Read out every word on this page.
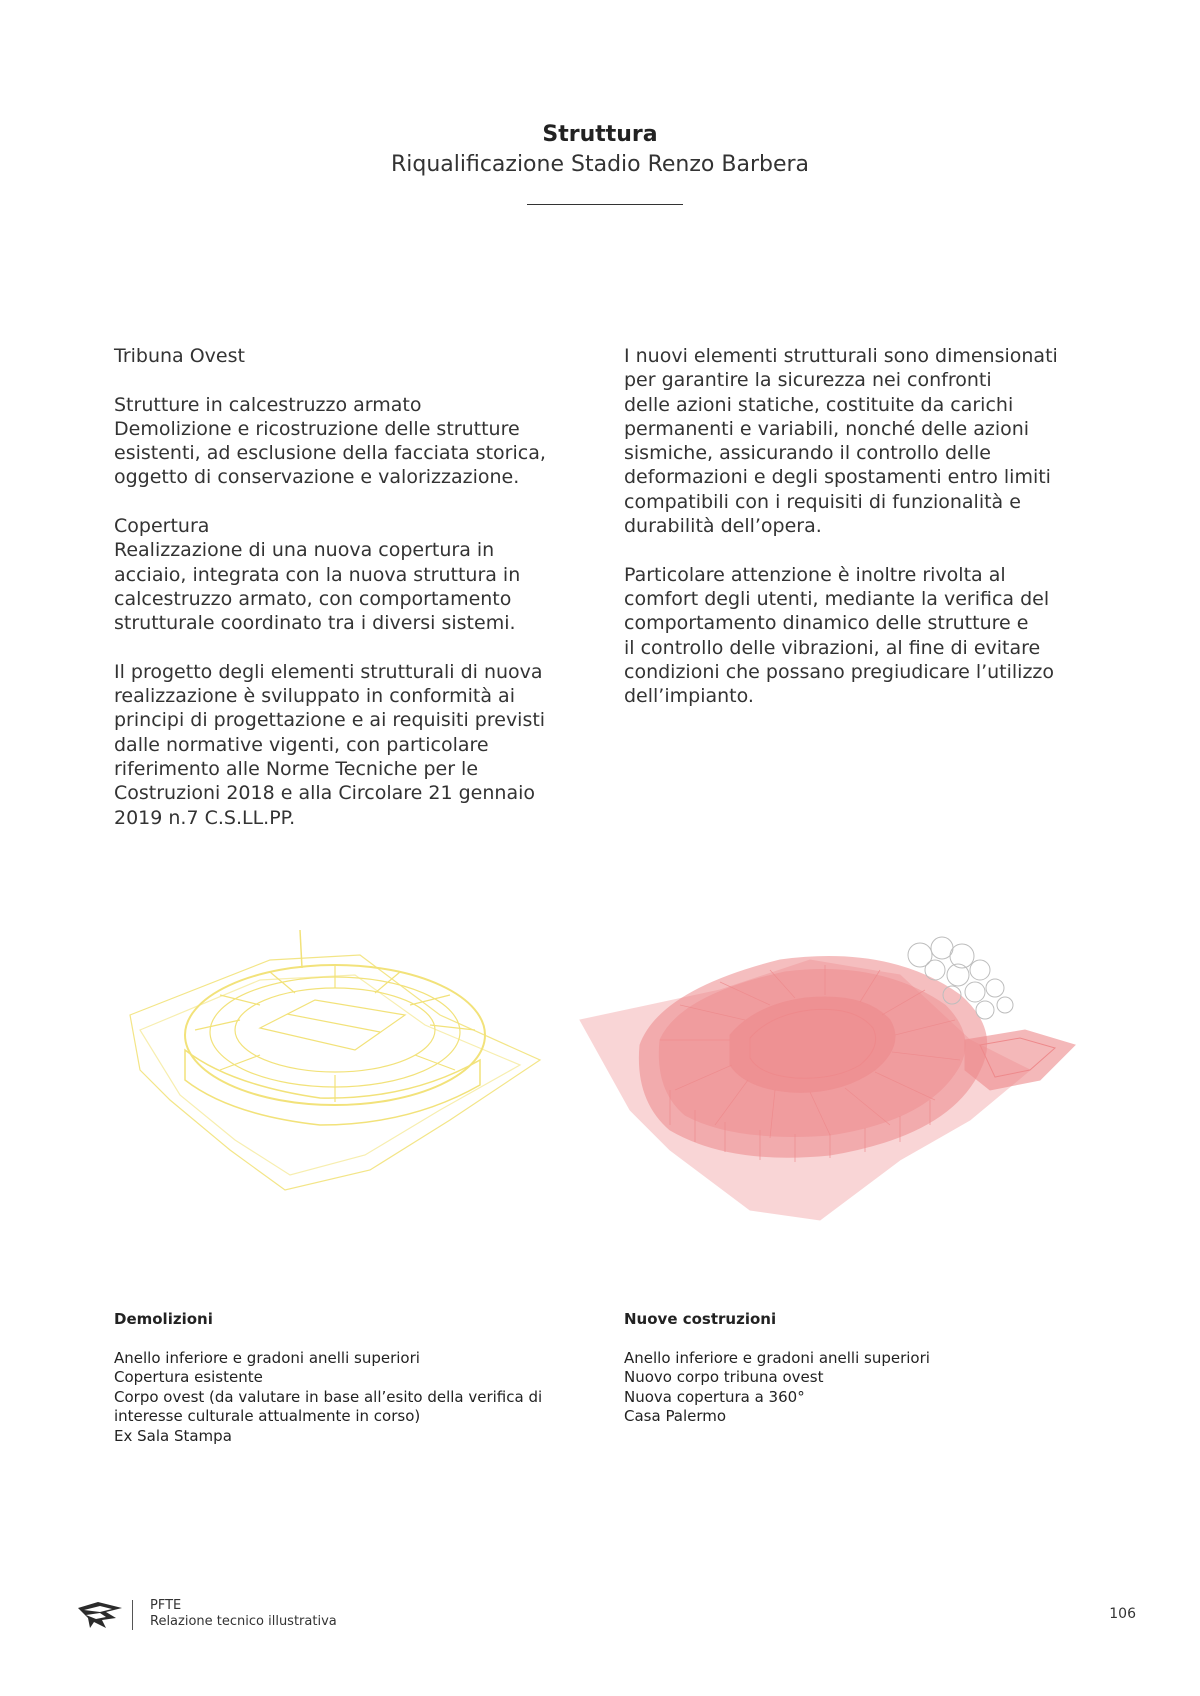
Struttura
Riqualificazione Stadio Renzo Barbera

Tribuna Ovest

Strutture in calcestruzzo armato
Demolizione e ricostruzione delle strutture
esistenti, ad esclusione della facciata storica,
oggetto di conservazione e valorizzazione.

Copertura
Realizzazione di una nuova copertura in
acciaio, integrata con la nuova struttura in
calcestruzzo armato, con comportamento
strutturale coordinato tra i diversi sistemi.

Il progetto degli elementi strutturali di nuova
realizzazione è sviluppato in conformità ai
principi di progettazione e ai requisiti previsti
dalle normative vigenti, con particolare
riferimento alle Norme Tecniche per le
Costruzioni 2018 e alla Circolare 21 gennaio
2019 n.7 C.S.LL.PP.

I nuovi elementi strutturali sono dimensionati
per garantire la sicurezza nei confronti
delle azioni statiche, costituite da carichi
permanenti e variabili, nonché delle azioni
sismiche, assicurando il controllo delle
deformazioni e degli spostamenti entro limiti
compatibili con i requisiti di funzionalità e
durabilità dell’opera.

Particolare attenzione è inoltre rivolta al
comfort degli utenti, mediante la verifica del
comportamento dinamico delle strutture e
il controllo delle vibrazioni, al fine di evitare
condizioni che possano pregiudicare l’utilizzo
dell’impianto.

Demolizioni
Anello inferiore e gradoni anelli superiori
Copertura esistente
Corpo ovest (da valutare in base all’esito della verifica di
interesse culturale attualmente in corso)
Ex Sala Stampa
Nuove costruzioni
Anello inferiore e gradoni anelli superiori
Nuovo corpo tribuna ovest
Nuova copertura a 360°
Casa Palermo
PFTE
Relazione tecnico illustrativa	106
